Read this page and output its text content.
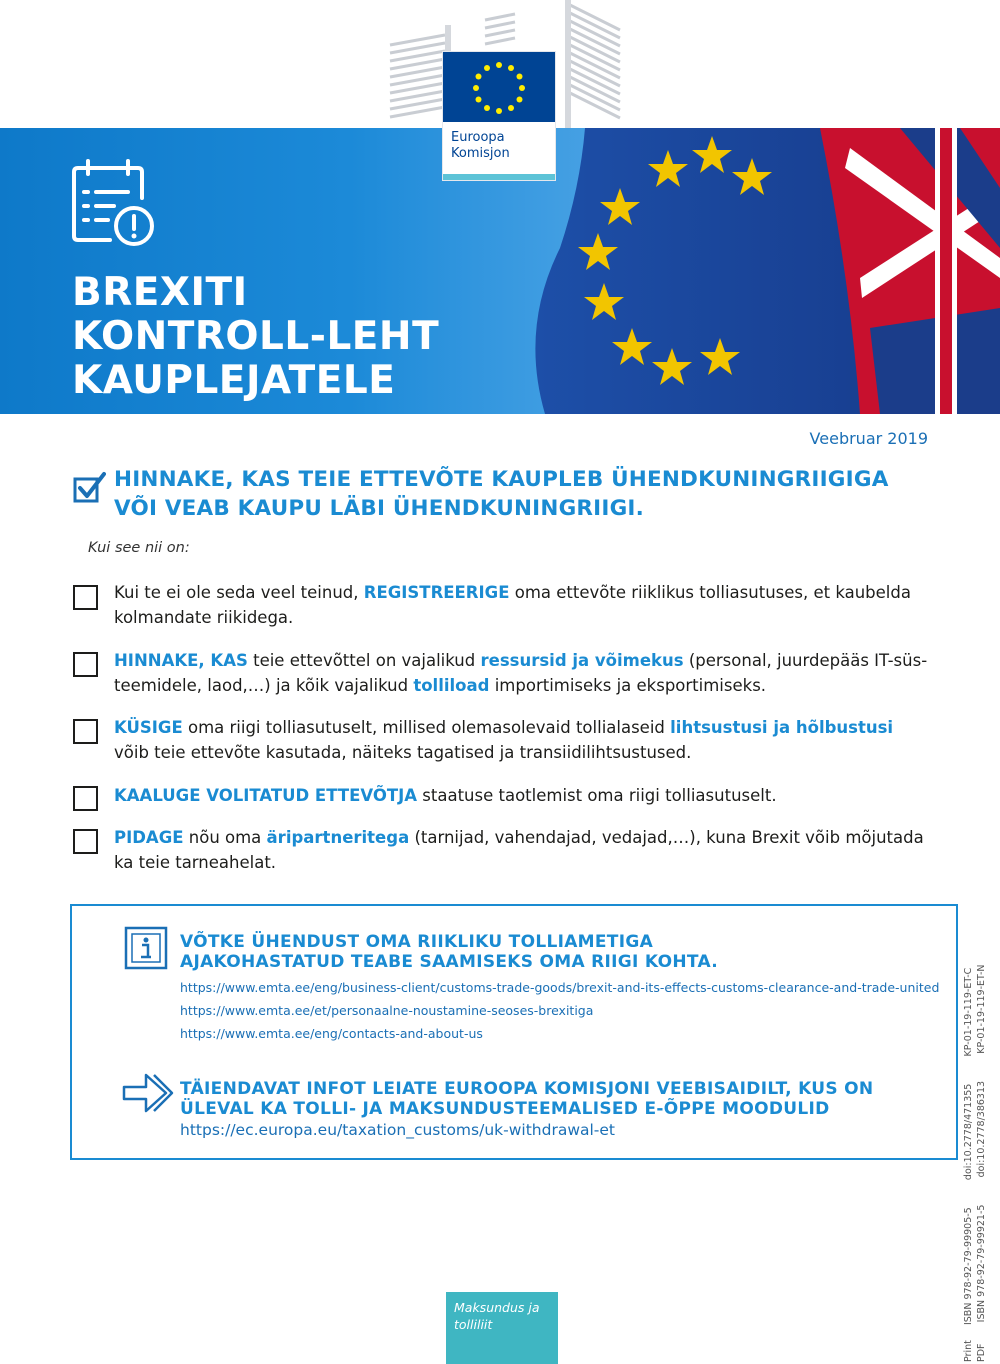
BREXITI
KONTROLL-LEHT
KAUPLEJATELE
Euroopa
Komisjon
Veebruar 2019
HINNAKE, KAS TEIE ETTEVÕTE KAUPLEB ÜHENDKUNINGRIIGIGA
VÕI VEAB KAUPU LÄBI ÜHENDKUNINGRIIGI.
Kui see nii on:
Kui te ei ole seda veel teinud, REGISTREERIGE oma ettevõte riiklikus tolliasutuses, et kaubelda kolmandate riikidega.
HINNAKE, KAS teie ettevõttel on vajalikud ressursid ja võimekus (personal, juurdepääs IT-süs- teemidele, laod,…) ja kõik vajalikud tolliload importimiseks ja eksportimiseks.
KÜSIGE oma riigi tolliasutuselt, millised olemasolevaid tollialaseid lihtsustusi ja hõlbustusi võib teie ettevõte kasutada, näiteks tagatised ja transiidilihtsustused.
KAALUGE VOLITATUD ETTEVÕTJA staatuse taotlemist oma riigi tolliasutuselt.
PIDAGE nõu oma äripartneritega (tarnijad, vahendajad, vedajad,…), kuna Brexit võib mõjutada ka teie tarneahelat.
VÕTKE ÜHENDUST OMA RIIKLIKU TOLLIAMETIGA
AJAKOHASTATUD TEABE SAAMISEKS OMA RIIGI KOHTA.
https://www.emta.ee/eng/business-client/customs-trade-goods/brexit-and-its-effects-customs-clearance-and-trade-united
https://www.emta.ee/et/personaalne-noustamine-seoses-brexitiga
https://www.emta.ee/eng/contacts-and-about-us
TÄIENDAVAT INFOT LEIATE EUROOPA KOMISJONI VEEBISAIDILT, KUS ON
ÜLEVAL KA TOLLI- JA MAKSUNDUSTEEMALISED E-ÕPPE MOODULID
https://ec.europa.eu/taxation_customs/uk-withdrawal-et
Print     ISBN 978-92-79-99905-5         doi:10.2778/471355         KP-01-19-119-ET-C
PDF       ISBN 978-92-79-99921-5         doi:10.2778/386313         KP-01-19-119-ET-N
Maksundus ja
tolliliit
